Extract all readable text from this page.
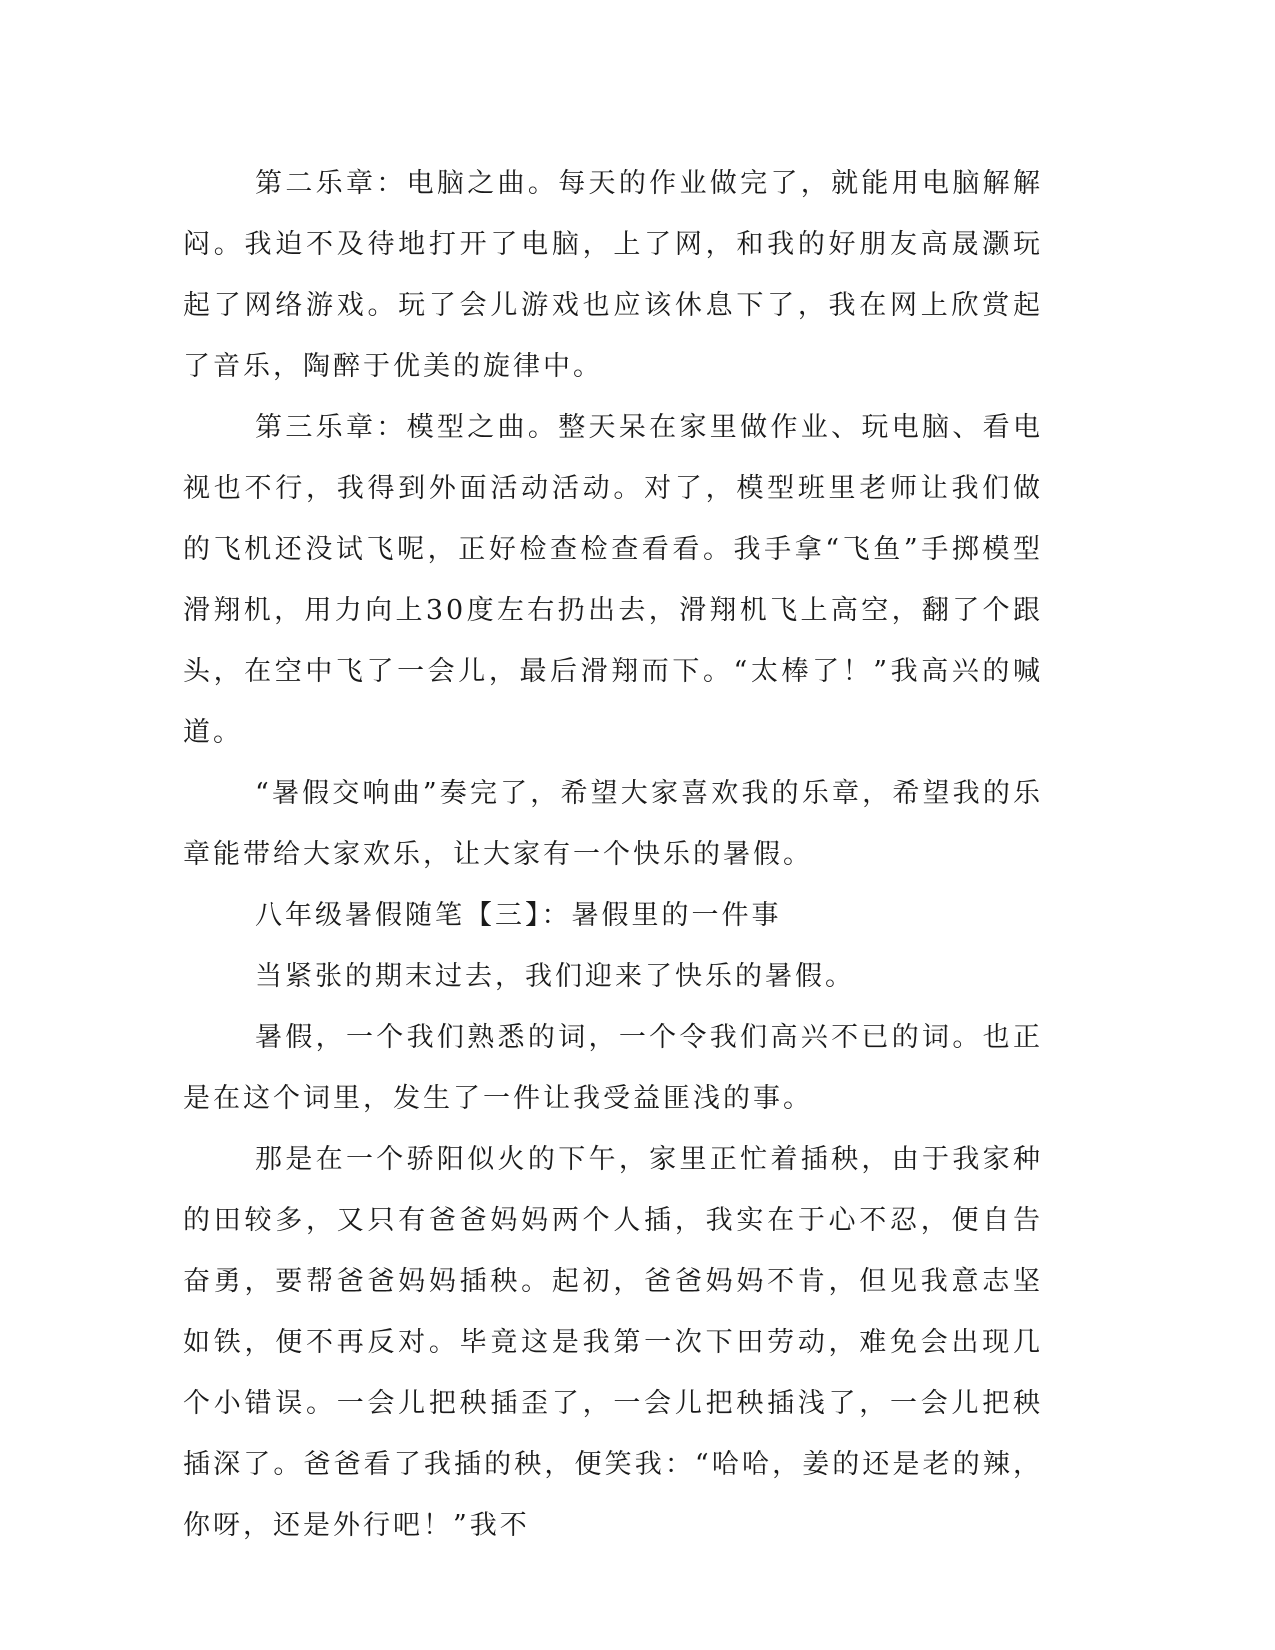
第二乐章：电脑之曲。每天的作业做完了，就能用电脑解解闷。我迫不及待地打开了电脑，上了网，和我的好朋友高晟灏玩起了网络游戏。玩了会儿游戏也应该休息下了，我在网上欣赏起了音乐，陶醉于优美的旋律中。

第三乐章：模型之曲。整天呆在家里做作业、玩电脑、看电视也不行，我得到外面活动活动。对了，模型班里老师让我们做的飞机还没试飞呢，正好检查检查看看。我手拿“飞鱼”手掷模型滑翔机，用力向上30度左右扔出去，滑翔机飞上高空，翻了个跟头，在空中飞了一会儿，最后滑翔而下。“太棒了！”我高兴的喊道。

“暑假交响曲”奏完了，希望大家喜欢我的乐章，希望我的乐章能带给大家欢乐，让大家有一个快乐的暑假。

八年级暑假随笔【三】：暑假里的一件事

当紧张的期末过去，我们迎来了快乐的暑假。

暑假，一个我们熟悉的词，一个令我们高兴不已的词。也正是在这个词里，发生了一件让我受益匪浅的事。

那是在一个骄阳似火的下午，家里正忙着插秧，由于我家种的田较多，又只有爸爸妈妈两个人插，我实在于心不忍，便自告奋勇，要帮爸爸妈妈插秧。起初，爸爸妈妈不肯，但见我意志坚如铁，便不再反对。毕竟这是我第一次下田劳动，难免会出现几个小错误。一会儿把秧插歪了，一会儿把秧插浅了，一会儿把秧插深了。爸爸看了我插的秧，便笑我：“哈哈，姜的还是老的辣，你呀，还是外行吧！”我不
